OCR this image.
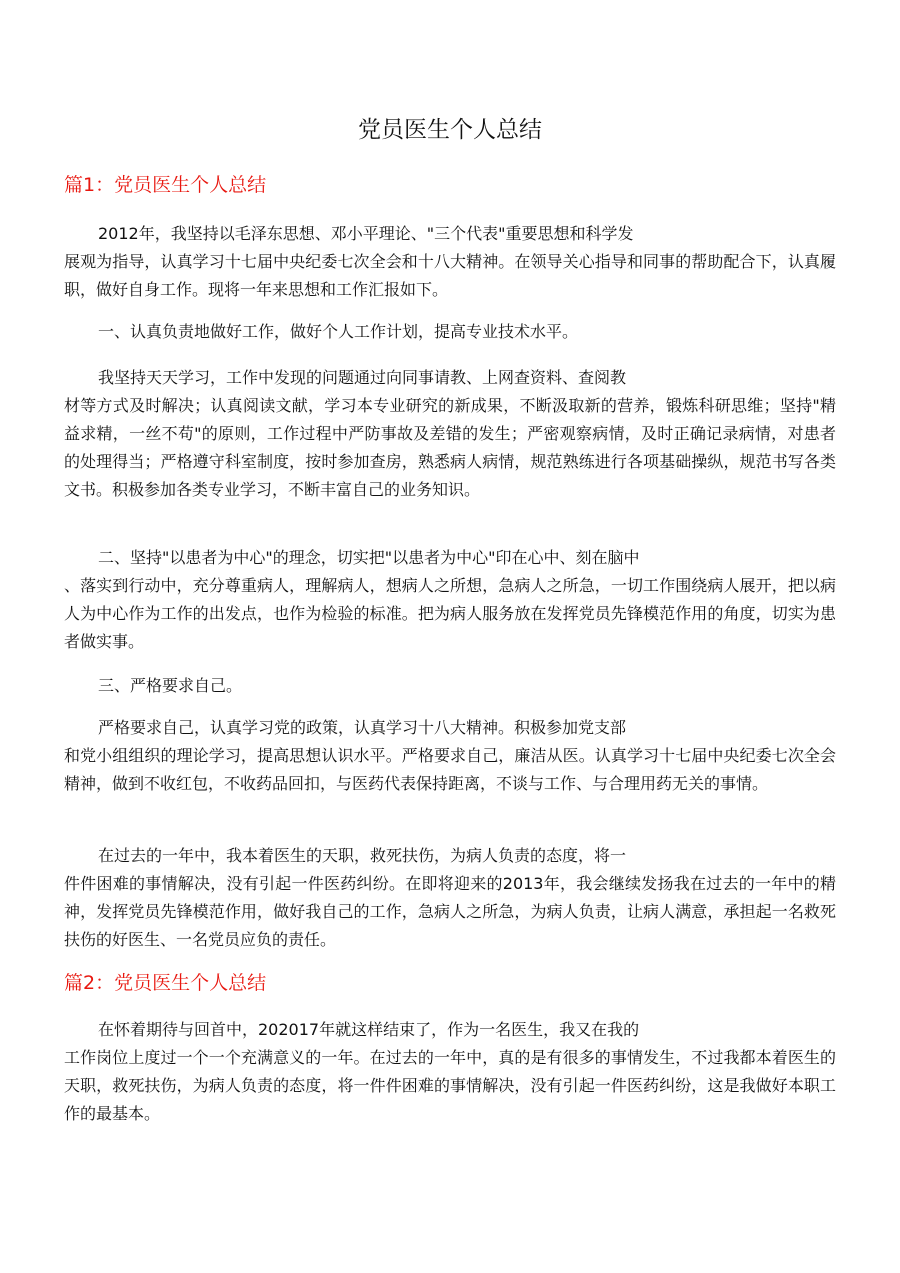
党员医生个人总结
篇1：党员医生个人总结

2012年，我坚持以毛泽东思想、邓小平理论、"三个代表"重要思想和科学发
展观为指导，认真学习十七届中央纪委七次全会和十八大精神。在领导关心指导和同事的帮助配合下，认真履职，做好自身工作。现将一年来思想和工作汇报如下。

一、认真负责地做好工作，做好个人工作计划，提高专业技术水平。

我坚持天天学习，工作中发现的问题通过向同事请教、上网查资料、查阅教
材等方式及时解决；认真阅读文献，学习本专业研究的新成果，不断汲取新的营养，锻炼科研思维；坚持"精益求精，一丝不苟"的原则，工作过程中严防事故及差错的发生；严密观察病情，及时正确记录病情，对患者的处理得当；严格遵守科室制度，按时参加查房，熟悉病人病情，规范熟练进行各项基础操纵，规范书写各类文书。积极参加各类专业学习，不断丰富自己的业务知识。

二、坚持"以患者为中心"的理念，切实把"以患者为中心"印在心中、刻在脑中
、落实到行动中，充分尊重病人，理解病人，想病人之所想，急病人之所急，一切工作围绕病人展开，把以病人为中心作为工作的出发点，也作为检验的标准。把为病人服务放在发挥党员先锋模范作用的角度，切实为患者做实事。

三、严格要求自己。

严格要求自己，认真学习党的政策，认真学习十八大精神。积极参加党支部
和党小组组织的理论学习，提高思想认识水平。严格要求自己，廉洁从医。认真学习十七届中央纪委七次全会精神，做到不收红包，不收药品回扣，与医药代表保持距离，不谈与工作、与合理用药无关的事情。

在过去的一年中，我本着医生的天职，救死扶伤，为病人负责的态度，将一
件件困难的事情解决，没有引起一件医药纠纷。在即将迎来的2013年，我会继续发扬我在过去的一年中的精神，发挥党员先锋模范作用，做好我自己的工作，急病人之所急，为病人负责，让病人满意，承担起一名救死扶伤的好医生、一名党员应负的责任。

篇2：党员医生个人总结

在怀着期待与回首中，202017年就这样结束了，作为一名医生，我又在我的
工作岗位上度过一个一个充满意义的一年。在过去的一年中，真的是有很多的事情发生，不过我都本着医生的天职，救死扶伤，为病人负责的态度，将一件件困难的事情解决，没有引起一件医药纠纷，这是我做好本职工作的最基本。
